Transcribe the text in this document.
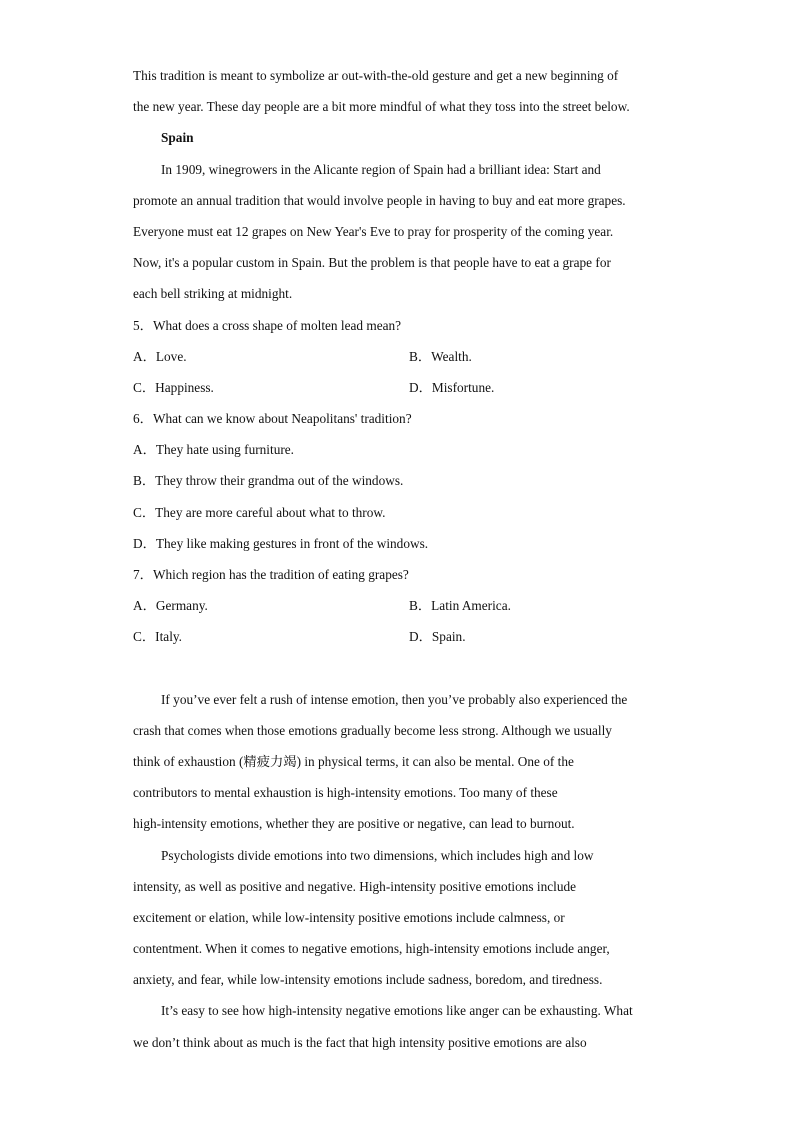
This tradition is meant to symbolize ar out-with-the-old gesture and get a new beginning of
the new year. These day people are a bit more mindful of what they toss into the street below.
Spain
In 1909, winegrowers in the Alicante region of Spain had a brilliant idea: Start and
promote an annual tradition that would involve people in having to buy and eat more grapes.
Everyone must eat 12 grapes on New Year's Eve to pray for prosperity of the coming year.
Now, it's a popular custom in Spain. But the problem is that people have to eat a grape for
each bell striking at midnight.
5．What does a cross shape of molten lead mean?
A．Love.	B．Wealth.
C．Happiness.	D．Misfortune.
6．What can we know about Neapolitans' tradition?
A．They hate using furniture.
B．They throw their grandma out of the windows.
C．They are more careful about what to throw.
D．They like making gestures in front of the windows.
7．Which region has the tradition of eating grapes?
A．Germany.	B．Latin America.
C．Italy.	D．Spain.
If you’ve ever felt a rush of intense emotion, then you’ve probably also experienced the
crash that comes when those emotions gradually become less strong. Although we usually
think of exhaustion (精疲力竭) in physical terms, it can also be mental. One of the
contributors to mental exhaustion is high-intensity emotions. Too many of these
high-intensity emotions, whether they are positive or negative, can lead to burnout.
Psychologists divide emotions into two dimensions, which includes high and low
intensity, as well as positive and negative. High-intensity positive emotions include
excitement or elation, while low-intensity positive emotions include calmness, or
contentment. When it comes to negative emotions, high-intensity emotions include anger,
anxiety, and fear, while low-intensity emotions include sadness, boredom, and tiredness.
It’s easy to see how high-intensity negative emotions like anger can be exhausting. What
we don’t think about as much is the fact that high intensity positive emotions are also
